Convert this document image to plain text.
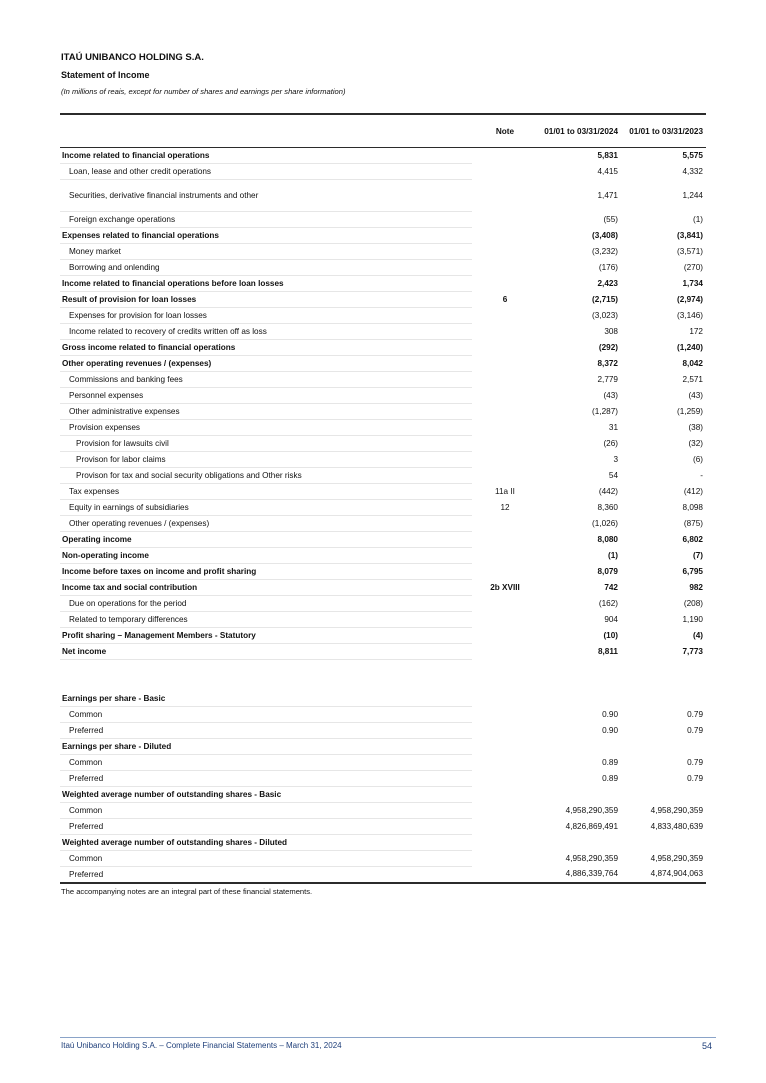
ITAÚ UNIBANCO HOLDING S.A.
Statement of Income
(In millions of reais, except for number of shares and earnings per share information)
	Note	01/01 to 03/31/2024	01/01 to 03/31/2023
Income related to financial operations		5,831	5,575
Loan, lease and other credit operations		4,415	4,332
Securities, derivative financial instruments and other		1,471	1,244
Foreign exchange operations		(55)	(1)
Expenses related to financial operations		(3,408)	(3,841)
Money market		(3,232)	(3,571)
Borrowing and onlending		(176)	(270)
Income related to financial operations before loan losses		2,423	1,734
Result of provision for loan losses	6	(2,715)	(2,974)
Expenses for provision for loan losses		(3,023)	(3,146)
Income related to recovery of credits written off as loss		308	172
Gross income related to financial operations		(292)	(1,240)
Other operating revenues / (expenses)		8,372	8,042
Commissions and banking fees		2,779	2,571
Personnel expenses		(43)	(43)
Other administrative expenses		(1,287)	(1,259)
Provision expenses		31	(38)
Provision for lawsuits civil		(26)	(32)
Provison for labor claims		3	(6)
Provison for tax and social security obligations and Other risks		54	-
Tax expenses	11a II	(442)	(412)
Equity in earnings of subsidiaries	12	8,360	8,098
Other operating revenues / (expenses)		(1,026)	(875)
Operating income		8,080	6,802
Non-operating income		(1)	(7)
Income before taxes on income and profit sharing		8,079	6,795
Income tax and social contribution	2b XVIII	742	982
Due on operations for the period		(162)	(208)
Related to temporary differences		904	1,190
Profit sharing – Management Members - Statutory		(10)	(4)
Net income		8,811	7,773

Earnings per share - Basic			
Common		0.90	0.79
Preferred		0.90	0.79
Earnings per share - Diluted			
Common		0.89	0.79
Preferred		0.89	0.79
Weighted average number of outstanding shares - Basic			
Common		4,958,290,359	4,958,290,359
Preferred		4,826,869,491	4,833,480,639
Weighted average number of outstanding shares - Diluted			
Common		4,958,290,359	4,958,290,359
Preferred		4,886,339,764	4,874,904,063
The accompanying notes are an integral part of these financial statements.
Itaú Unibanco Holding S.A. – Complete Financial Statements – March 31, 2024	54
